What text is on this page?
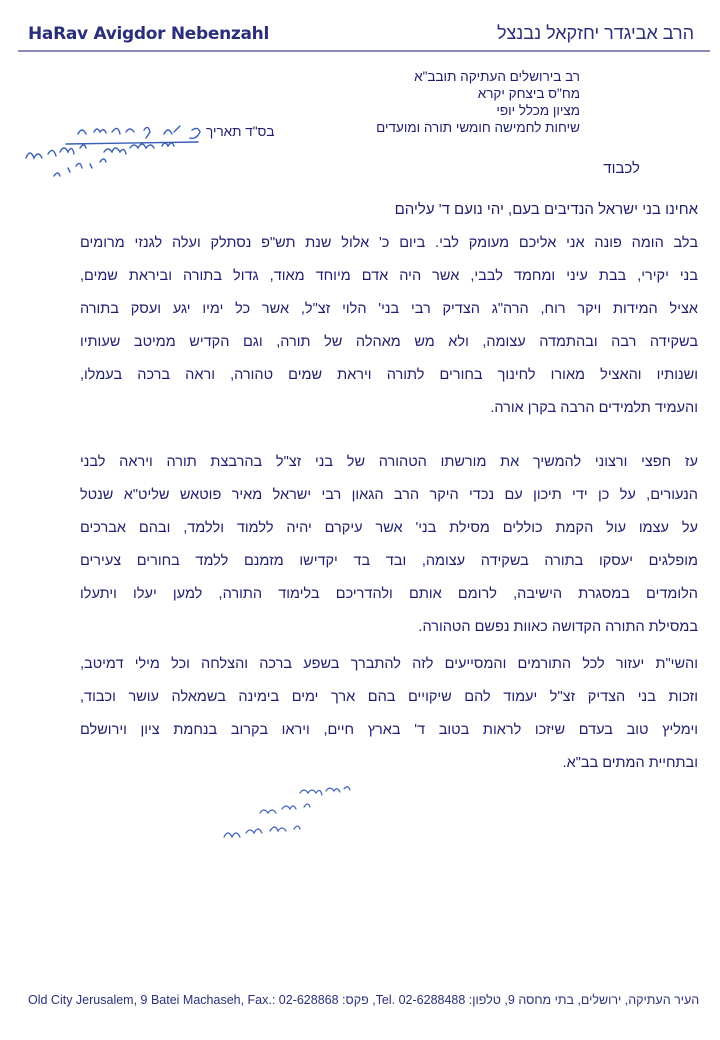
HaRav Avigdor Nebenzahl	הרב אביגדר יחזקאל נבנצל
רב בירושלים העתיקה תובב"א
מח"ס ביצחק יקרא
מציון מכלל יופי
שיחות לחמישה חומשי תורה ומועדים
בס"ד תאריך
לכבוד
אחינו בני ישראל הנדיבים בעם, יהי נועם ד' עליהם
בלב הומה פונה אני אליכם מעומק לבי. ביום כ' אלול שנת תש"פ נסתלק ועלה לגנזי מרומים
בני יקירי, בבת עיני ומחמד לבבי, אשר היה אדם מיוחד מאוד, גדול בתורה וביראת שמים,
אציל המידות ויקר רוח, הרה"ג הצדיק רבי בני' הלוי זצ"ל, אשר כל ימיו יגע ועסק בתורה
בשקידה רבה ובהתמדה עצומה, ולא מש מאהלה של תורה, וגם הקדיש ממיטב שעותיו
ושנותיו והאציל מאורו לחינוך בחורים לתורה ויראת שמים טהורה, וראה ברכה בעמלו,
והעמיד תלמידים הרבה בקרן אורה.
עז חפצי ורצוני להמשיך את מורשתו הטהורה של בני זצ"ל בהרבצת תורה ויראה לבני
הנעורים, על כן ידי תיכון עם נכדי היקר הרב הגאון רבי ישראל מאיר פוטאש שליט"א שנטל
על עצמו עול הקמת כוללים מסילת בני' אשר עיקרם יהיה ללמוד וללמד, ובהם אברכים
מופלגים יעסקו בתורה בשקידה עצומה, ובד בד יקדישו מזמנם ללמד בחורים צעירים
הלומדים במסגרת הישיבה, לרומם אותם ולהדריכם בלימוד התורה, למען יעלו ויתעלו
במסילת התורה הקדושה כאוות נפשם הטהורה.
והשי"ת יעזור לכל התורמים והמסייעים לזה להתברך בשפע ברכה והצלחה וכל מילי דמיטב,
וזכות בני הצדיק זצ"ל יעמוד להם שיקויים בהם ארך ימים בימינה בשמאלה עושר וכבוד,
וימליץ טוב בעדם שיזכו לראות בטוב ד' בארץ חיים, ויראו בקרוב בנחמת ציון וירושלם
ובתחיית המתים בב"א.
Old City Jerusalem, 9 Batei Machaseh, Fax.: 02-628868 :פקס ,Tel. 02-6288488 :העיר העתיקה, ירושלים, בתי מחסה 9, טלפון
